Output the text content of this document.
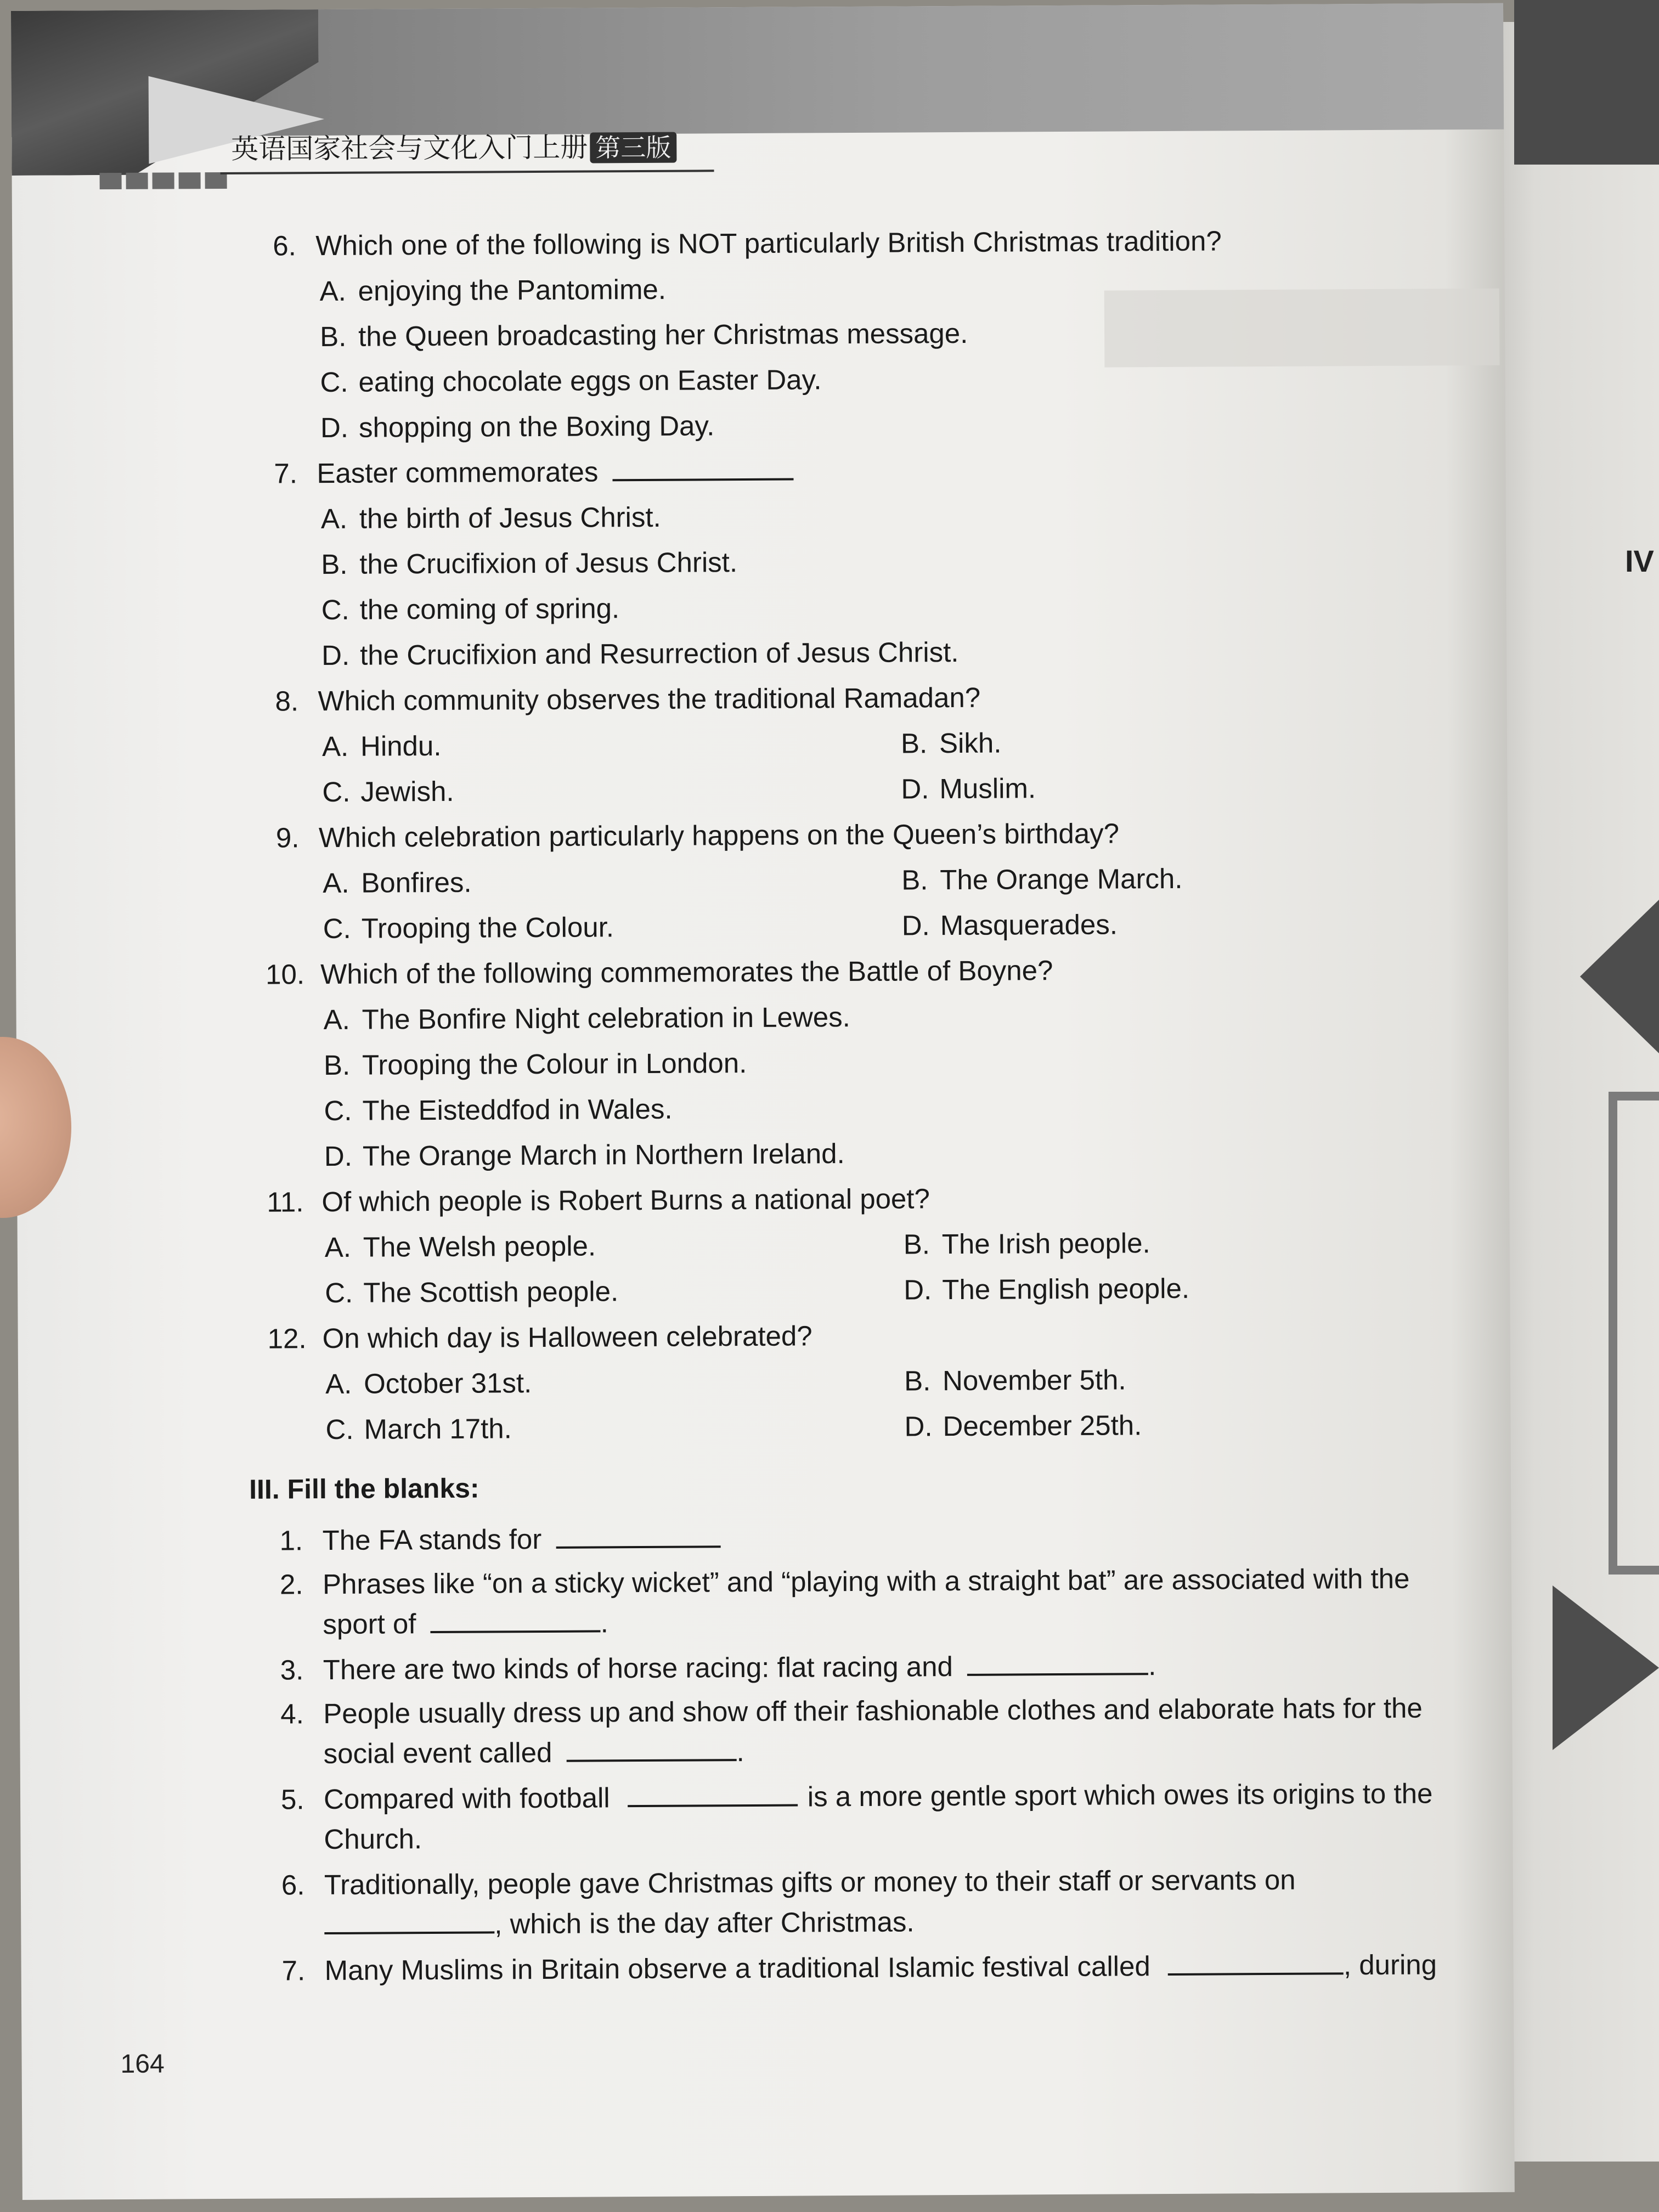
IV
英语国家社会与文化入门上册 第三版
6. Which one of the following is NOT particularly British Christmas tradition?
A. enjoying the Pantomime.
B. the Queen broadcasting her Christmas message.
C. eating chocolate eggs on Easter Day.
D. shopping on the Boxing Day.
7. Easter commemorates
A. the birth of Jesus Christ.
B. the Crucifixion of Jesus Christ.
C. the coming of spring.
D. the Crucifixion and Resurrection of Jesus Christ.
8. Which community observes the traditional Ramadan?
A. Hindu.	B. Sikh.
C. Jewish.	D. Muslim.
9. Which celebration particularly happens on the Queen’s birthday?
A. Bonfires.	B. The Orange March.
C. Trooping the Colour.	D. Masquerades.
10. Which of the following commemorates the Battle of Boyne?
A. The Bonfire Night celebration in Lewes.
B. Trooping the Colour in London.
C. The Eisteddfod in Wales.
D. The Orange March in Northern Ireland.
11. Of which people is Robert Burns a national poet?
A. The Welsh people.	B. The Irish people.
C. The Scottish people.	D. The English people.
12. On which day is Halloween celebrated?
A. October 31st.	B. November 5th.
C. March 17th.	D. December 25th.
III. Fill the blanks:
1. The FA stands for
2. Phrases like “on a sticky wicket” and “playing with a straight bat” are associated with the
sport of	.
3. There are two kinds of horse racing: flat racing and	.
4. People usually dress up and show off their fashionable clothes and elaborate hats for the
social event called	.
5. Compared with football	is a more gentle sport which owes its origins to the
Church.
6. Traditionally, people gave Christmas gifts or money to their staff or servants on
, which is the day after Christmas.
7. Many Muslims in Britain observe a traditional Islamic festival called	, during
164
